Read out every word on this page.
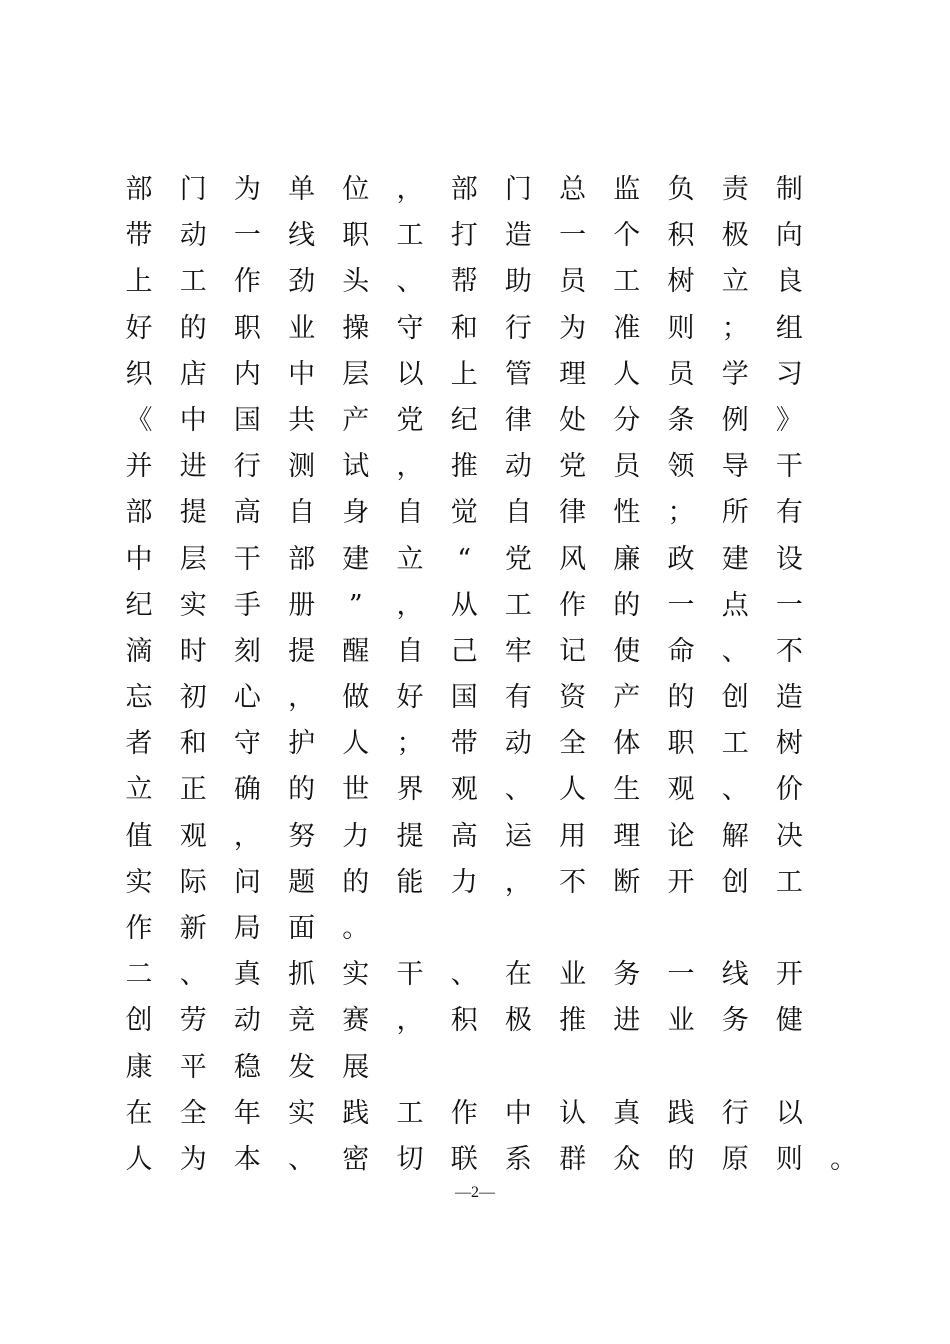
部 门 为 单 位 ， 部 门 总 监 负 责 制
带 动 一 线 职 工 打 造 一 个 积 极 向
上 工 作 劲 头 、 帮 助 员 工 树 立 良
好 的 职 业 操 守 和 行 为 准 则 ； 组
织 店 内 中 层 以 上 管 理 人 员 学 习
《 中 国 共 产 党 纪 律 处 分 条 例 》
并 进 行 测 试 ， 推 动 党 员 领 导 干
部 提 高 自 身 自 觉 自 律 性 ； 所 有
中 层 干 部 建 立	“	党 风 廉 政 建 设
纪 实 手 册	”	， 从 工 作 的 一 点 一
滴 时 刻 提 醒 自 己 牢 记 使 命 、 不
忘 初 心 ， 做 好 国 有 资 产 的 创 造
者 和 守 护 人 ； 带 动 全 体 职 工 树
立 正 确 的 世 界 观 、 人 生 观 、 价
值 观 ， 努 力 提 高 运 用 理 论 解 决
实 际 问 题 的 能 力 ， 不 断 开 创 工
作 新 局 面 。
二 、 真 抓 实 干 、 在 业 务 一 线 开
创 劳 动 竞 赛 ， 积 极 推 进 业 务 健
康 平 稳 发 展
在 全 年 实 践 工 作 中 认 真 践 行 以
人 为 本 、 密 切 联 系 群 众 的 原 则 。
—2—
